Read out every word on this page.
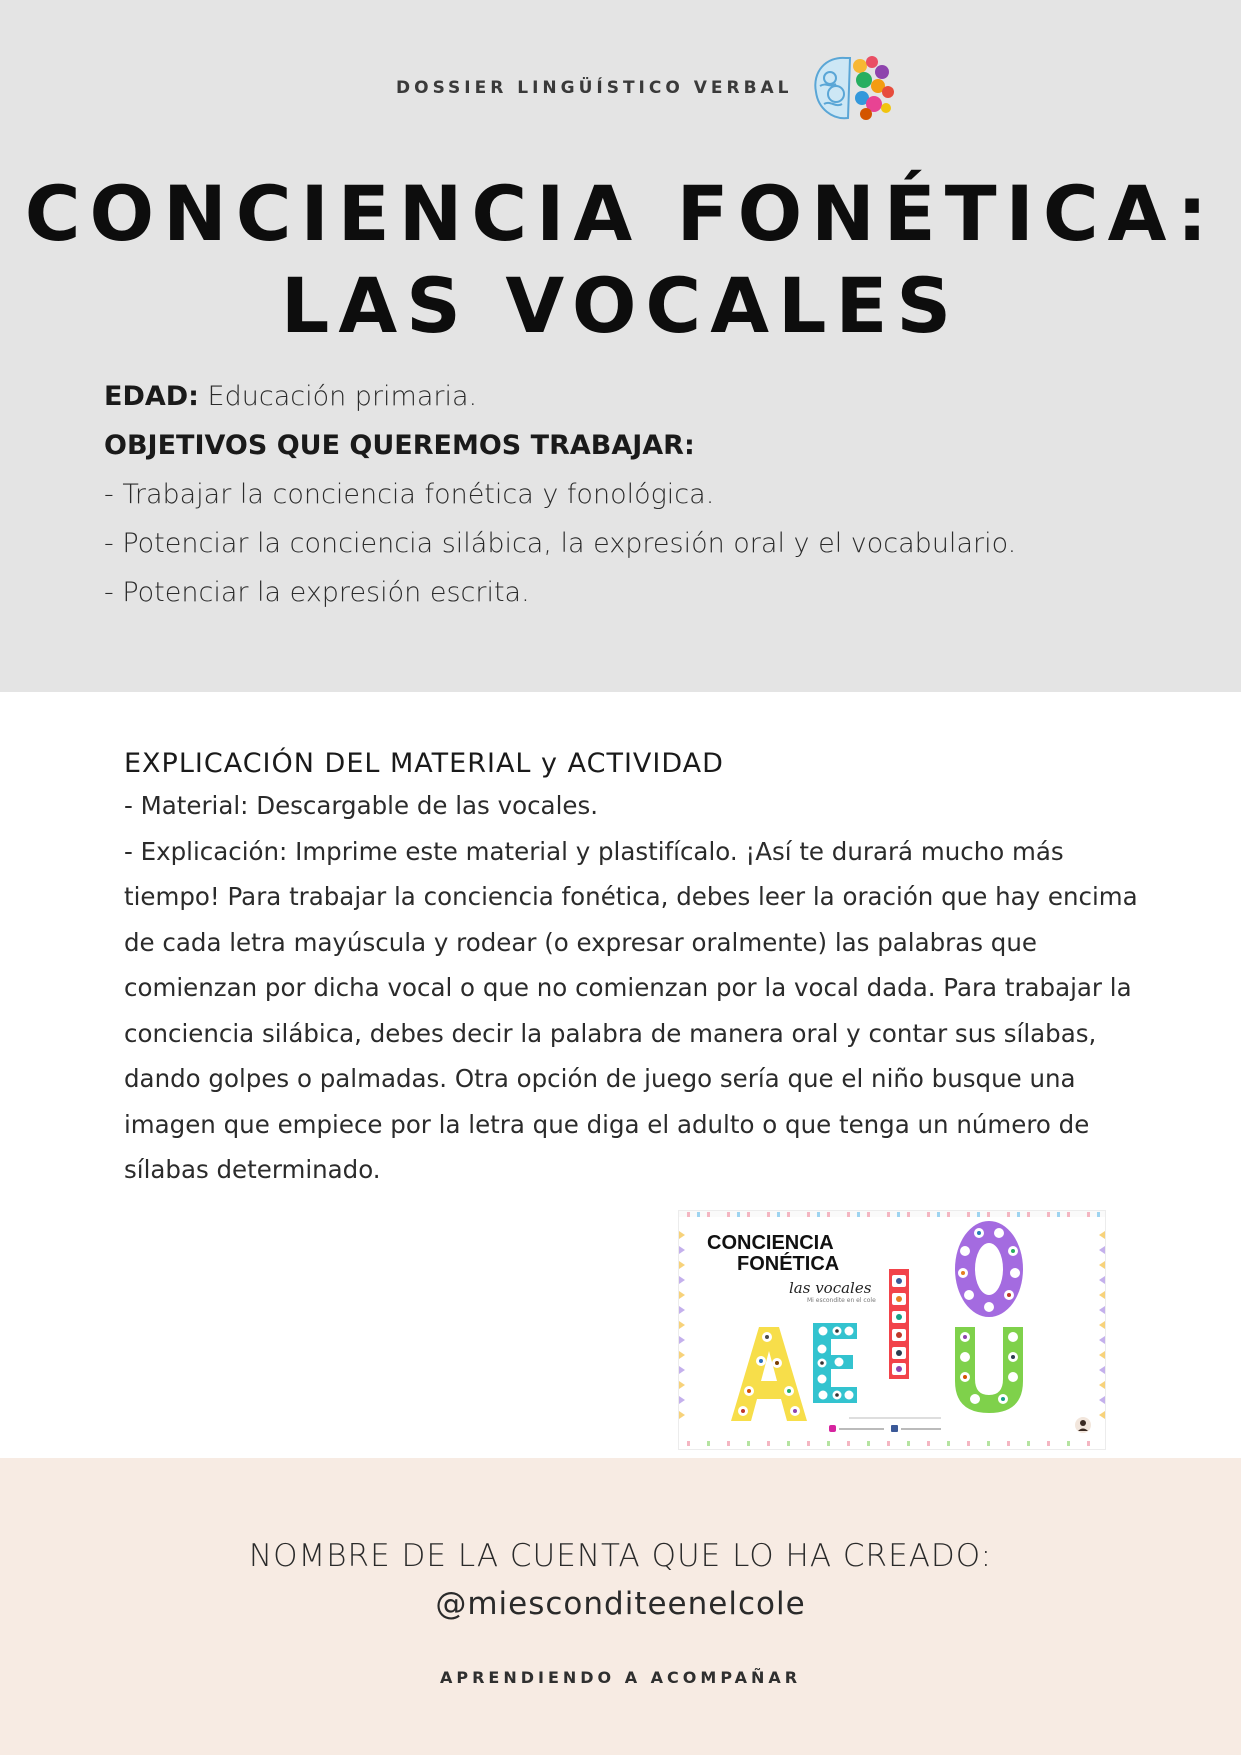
DOSSIER LINGÜÍSTICO VERBAL
CONCIENCIA FONÉTICA:
LAS VOCALES

EDAD: Educación primaria.

OBJETIVOS QUE QUEREMOS TRABAJAR:

- Trabajar la conciencia fonética y fonológica.

- Potenciar la conciencia silábica, la expresión oral y el vocabulario.

- Potenciar la expresión escrita.

EXPLICACIÓN DEL MATERIAL y ACTIVIDAD

- Material: Descargable de las vocales.

- Explicación: Imprime este material y plastifícalo. ¡Así te durará mucho más tiempo! Para trabajar la conciencia fonética, debes leer la oración que hay encima de cada letra mayúscula y rodear (o expresar oralmente) las palabras que comienzan por dicha vocal o que no comienzan por la vocal dada. Para trabajar la conciencia silábica, debes decir la palabra de manera oral y contar sus sílabas, dando golpes o palmadas. Otra opción de juego sería que el niño busque una imagen que empiece por la letra que diga el adulto o que tenga un número de sílabas determinado.

CONCIENCIA
FONÉTICA
las vocales
Mi escondite en el cole
NOMBRE DE LA CUENTA QUE LO HA CREADO:
@miesconditeenelcole
APRENDIENDO A ACOMPAÑAR
